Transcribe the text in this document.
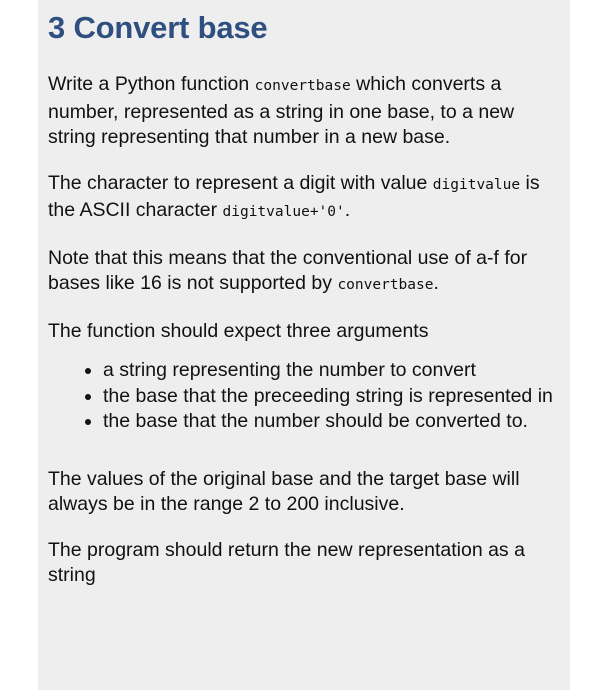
3 Convert base

Write a Python function convertbase which converts a number, represented as a string in one base, to a new string representing that number in a new base.

The character to represent a digit with value digitvalue is the ASCII character digitvalue+'0'.

Note that this means that the conventional use of a-f for bases like 16 is not supported by convertbase.

The function should expect three arguments

• a string representing the number to convert
• the base that the preceeding string is represented in
• the base that the number should be converted to.

The values of the original base and the target base will always be in the range 2 to 200 inclusive.

The program should return the new representation as a string
